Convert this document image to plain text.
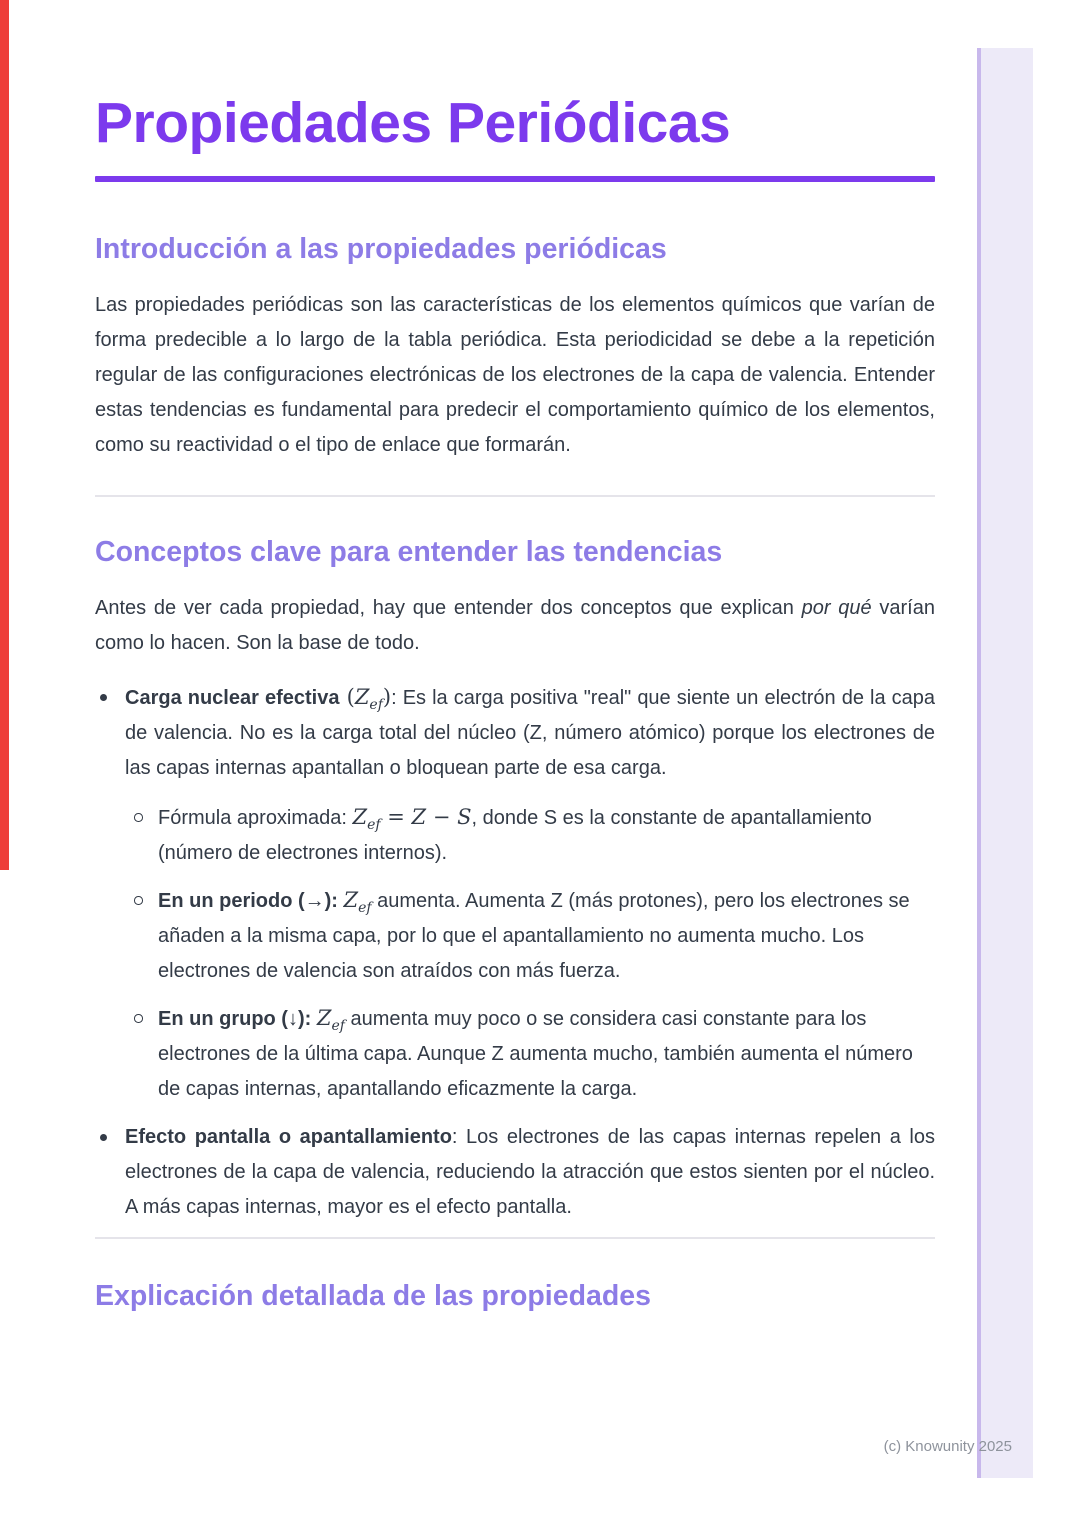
Propiedades Periódicas
Introducción a las propiedades periódicas

Las propiedades periódicas son las características de los elementos químicos que varían de forma predecible a lo largo de la tabla periódica. Esta periodicidad se debe a la repetición regular de las configuraciones electrónicas de los electrones de la capa de valencia. Entender estas tendencias es fundamental para predecir el comportamiento químico de los elementos, como su reactividad o el tipo de enlace que formarán.

Conceptos clave para entender las tendencias

Antes de ver cada propiedad, hay que entender dos conceptos que explican por qué varían como lo hacen. Son la base de todo.

Carga nuclear efectiva $(Z_{ef})$: Es la carga positiva "real" que siente un electrón de la capa de valencia. No es la carga total del núcleo (Z, número atómico) porque los electrones de las capas internas apantallan o bloquean parte de esa carga.
Fórmula aproximada: $Z_{ef} = Z - S$, donde S es la constante de apantallamiento (número de electrones internos).
En un periodo (→): $Z_{ef}$ aumenta. Aumenta Z (más protones), pero los electrones se añaden a la misma capa, por lo que el apantallamiento no aumenta mucho. Los electrones de valencia son atraídos con más fuerza.
En un grupo (↓): $Z_{ef}$ aumenta muy poco o se considera casi constante para los electrones de la última capa. Aunque Z aumenta mucho, también aumenta el número de capas internas, apantallando eficazmente la carga.
Efecto pantalla o apantallamiento: Los electrones de las capas internas repelen a los electrones de la capa de valencia, reduciendo la atracción que estos sienten por el núcleo. A más capas internas, mayor es el efecto pantalla.
Explicación detallada de las propiedades
(c) Knowunity 2025
